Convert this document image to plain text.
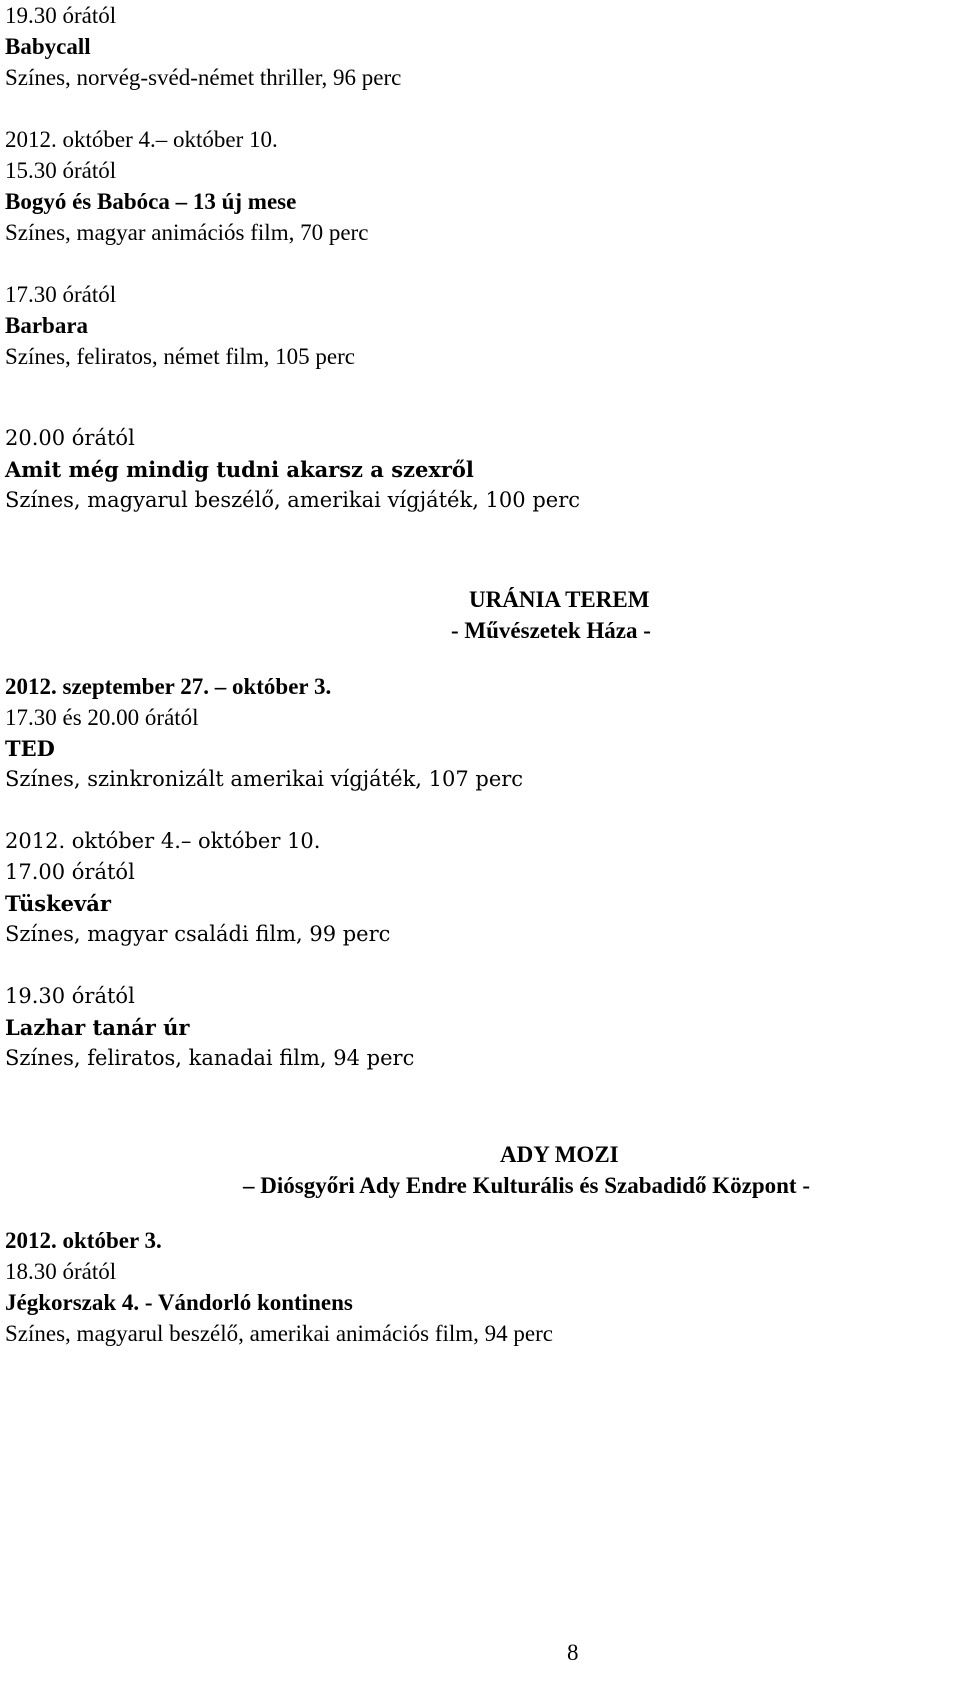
19.30 órától
Babycall
Színes, norvég-svéd-német thriller, 96 perc
2012. október 4.– október 10.
15.30 órától
Bogyó és Babóca – 13 új mese
Színes, magyar animációs film, 70 perc
17.30 órától
Barbara
Színes, feliratos, német film, 105 perc
20.00 órától
Amit még mindig tudni akarsz a szexről
Színes, magyarul beszélő, amerikai vígjáték, 100 perc
URÁNIA TEREM
- Művészetek Háza -
2012. szeptember 27. – október 3.
17.30 és 20.00 órától
TED
Színes, szinkronizált amerikai vígjáték, 107 perc
2012. október 4.– október 10.
17.00 órától
Tüskevár
Színes, magyar családi film, 99 perc
19.30 órától
Lazhar tanár úr
Színes, feliratos, kanadai film, 94 perc
ADY MOZI
– Diósgyőri Ady Endre Kulturális és Szabadidő Központ -
2012. október 3.
18.30 órától
Jégkorszak 4. - Vándorló kontinens
Színes, magyarul beszélő, amerikai animációs film, 94 perc
8
